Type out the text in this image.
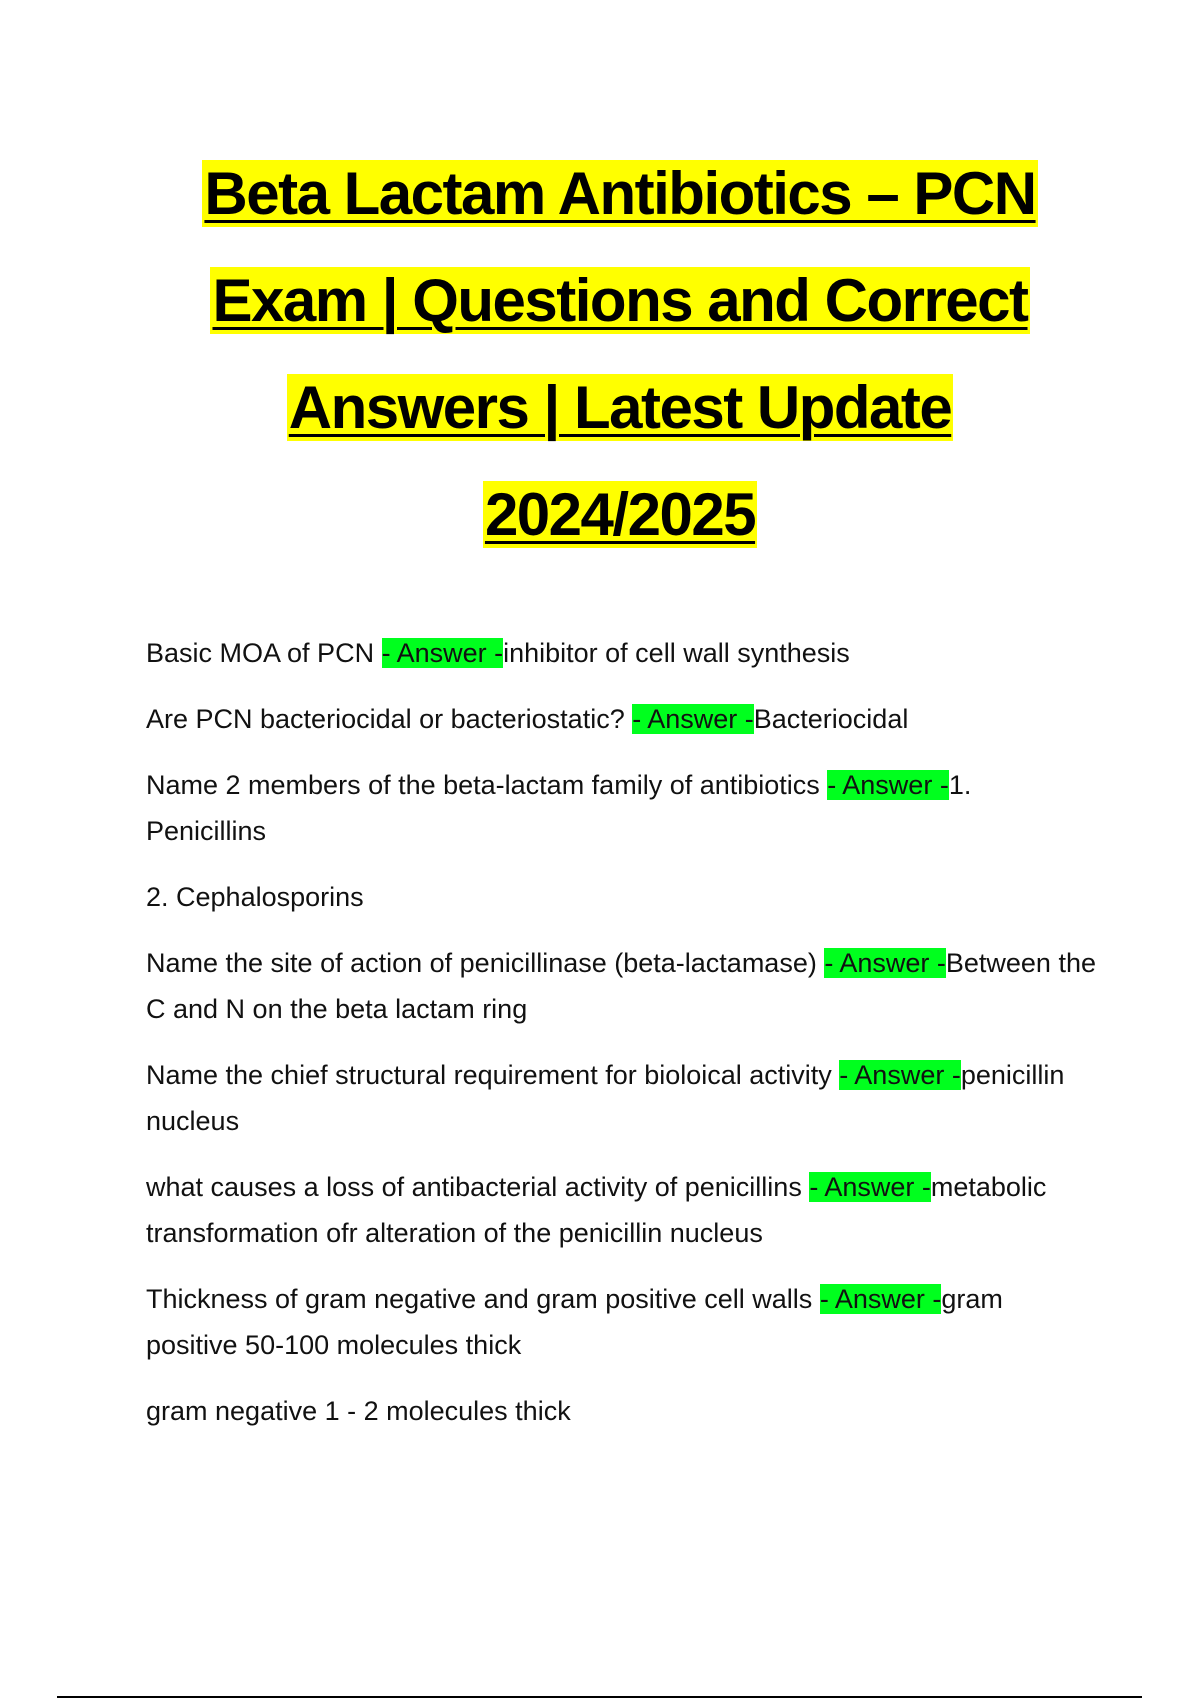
Beta Lactam Antibiotics – PCN
Exam | Questions and Correct
Answers | Latest Update
2024/2025

Basic MOA of PCN - Answer -inhibitor of cell wall synthesis

Are PCN bacteriocidal or bacteriostatic? - Answer -Bacteriocidal

Name 2 members of the beta-lactam family of antibiotics - Answer -1. Penicillins

2. Cephalosporins

Name the site of action of penicillinase (beta-lactamase) - Answer -Between the C and N on the beta lactam ring

Name the chief structural requirement for bioloical activity - Answer -penicillin nucleus

what causes a loss of antibacterial activity of penicillins - Answer -metabolic transformation ofr alteration of the penicillin nucleus

Thickness of gram negative and gram positive cell walls - Answer -gram positive 50-100 molecules thick

gram negative 1 - 2 molecules thick
